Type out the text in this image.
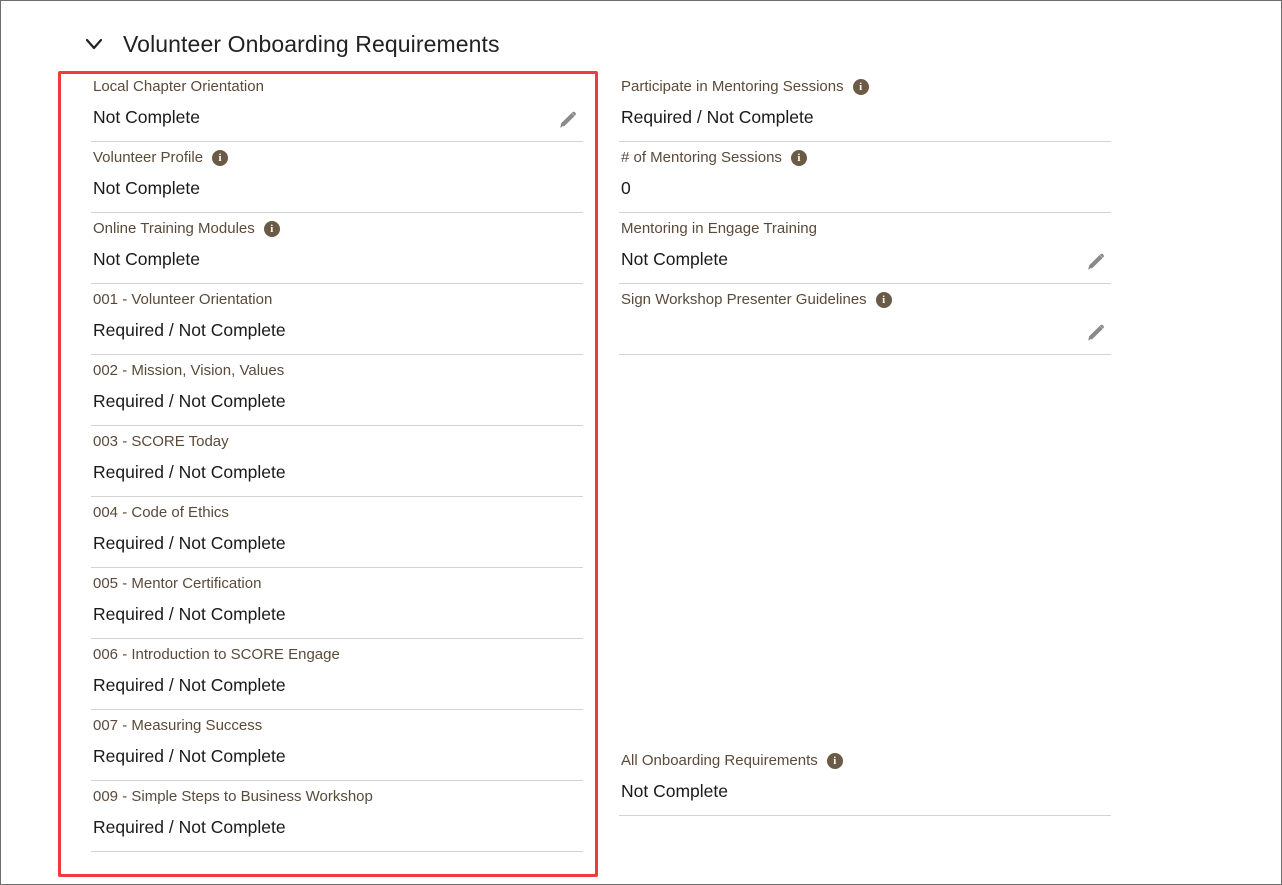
Volunteer Onboarding Requirements
Local Chapter Orientation
Not Complete
Volunteer Profile	i
Not Complete
Online Training Modules	i
Not Complete
001 - Volunteer Orientation
Required / Not Complete
002 - Mission, Vision, Values
Required / Not Complete
003 - SCORE Today
Required / Not Complete
004 - Code of Ethics
Required / Not Complete
005 - Mentor Certification
Required / Not Complete
006 - Introduction to SCORE Engage
Required / Not Complete
007 - Measuring Success
Required / Not Complete
009 - Simple Steps to Business Workshop
Required / Not Complete
Participate in Mentoring Sessions	i
Required / Not Complete
# of Mentoring Sessions	i
0
Mentoring in Engage Training
Not Complete
Sign Workshop Presenter Guidelines	i
All Onboarding Requirements	i
Not Complete
